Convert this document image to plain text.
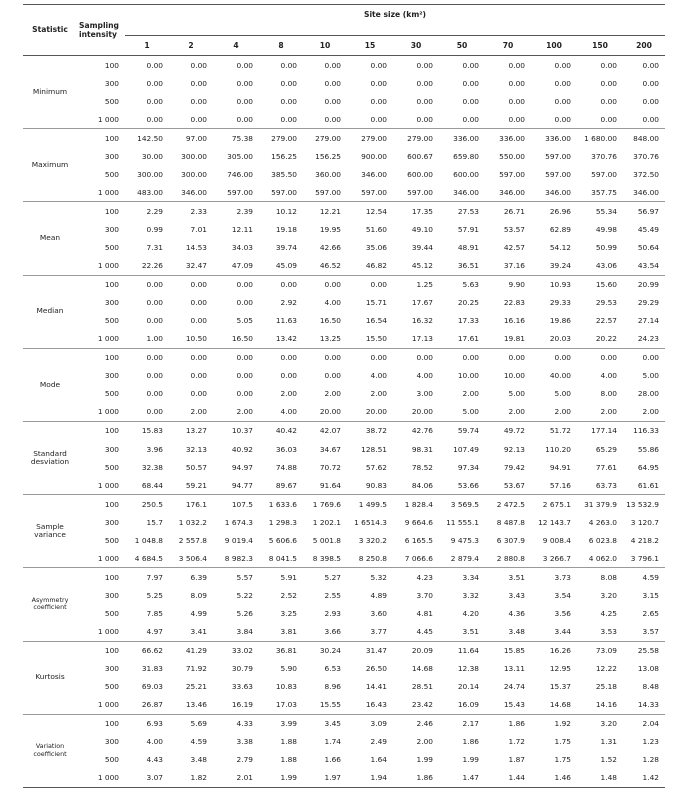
Statistic	Sampling intensity	Site size (km²)											
		1	2	4	8	10	15	30	50	70	100	150	200
Minimum	100	0.00	0.00	0.00	0.00	0.00	0.00	0.00	0.00	0.00	0.00	0.00	0.00
	300	0.00	0.00	0.00	0.00	0.00	0.00	0.00	0.00	0.00	0.00	0.00	0.00
	500	0.00	0.00	0.00	0.00	0.00	0.00	0.00	0.00	0.00	0.00	0.00	0.00
	1 000	0.00	0.00	0.00	0.00	0.00	0.00	0.00	0.00	0.00	0.00	0.00	0.00
Maximum	100	142.50	97.00	75.38	279.00	279.00	279.00	279.00	336.00	336.00	336.00	1 680.00	848.00
	300	30.00	300.00	305.00	156.25	156.25	900.00	600.67	659.80	550.00	597.00	370.76	370.76
	500	300.00	300.00	746.00	385.50	360.00	346.00	600.00	600.00	597.00	597.00	597.00	372.50
	1 000	483.00	346.00	597.00	597.00	597.00	597.00	597.00	346.00	346.00	346.00	357.75	346.00
Mean	100	2.29	2.33	2.39	10.12	12.21	12.54	17.35	27.53	26.71	26.96	55.34	56.97
	300	0.99	7.01	12.11	19.18	19.95	51.60	49.10	57.91	53.57	62.89	49.98	45.49
	500	7.31	14.53	34.03	39.74	42.66	35.06	39.44	48.91	42.57	54.12	50.99	50.64
	1 000	22.26	32.47	47.09	45.09	46.52	46.82	45.12	36.51	37.16	39.24	43.06	43.54
Median	100	0.00	0.00	0.00	0.00	0.00	0.00	1.25	5.63	9.90	10.93	15.60	20.99
	300	0.00	0.00	0.00	2.92	4.00	15.71	17.67	20.25	22.83	29.33	29.53	29.29
	500	0.00	0.00	5.05	11.63	16.50	16.54	16.32	17.33	16.16	19.86	22.57	27.14
	1 000	1.00	10.50	16.50	13.42	13.25	15.50	17.13	17.61	19.81	20.03	20.22	24.23
Mode	100	0.00	0.00	0.00	0.00	0.00	0.00	0.00	0.00	0.00	0.00	0.00	0.00
	300	0.00	0.00	0.00	0.00	0.00	4.00	4.00	10.00	10.00	40.00	4.00	5.00
	500	0.00	0.00	0.00	2.00	2.00	2.00	3.00	2.00	5.00	5.00	8.00	28.00
	1 000	0.00	2.00	2.00	4.00	20.00	20.00	20.00	5.00	2.00	2.00	2.00	2.00
Standard desviation	100	15.83	13.27	10.37	40.42	42.07	38.72	42.76	59.74	49.72	51.72	177.14	116.33
	300	3.96	32.13	40.92	36.03	34.67	128.51	98.31	107.49	92.13	110.20	65.29	55.86
	500	32.38	50.57	94.97	74.88	70.72	57.62	78.52	97.34	79.42	94.91	77.61	64.95
	1 000	68.44	59.21	94.77	89.67	91.64	90.83	84.06	53.66	53.67	57.16	63.73	61.61
Sample variance	100	250.5	176.1	107.5	1 633.6	1 769.6	1 499.5	1 828.4	3 569.5	2 472.5	2 675.1	31 379.9	13 532.9
	300	15.7	1 032.2	1 674.3	1 298.3	1 202.1	1 6514.3	9 664.6	11 555.1	8 487.8	12 143.7	4 263.0	3 120.7
	500	1 048.8	2 557.8	9 019.4	5 606.6	5 001.8	3 320.2	6 165.5	9 475.3	6 307.9	9 008.4	6 023.8	4 218.2
	1 000	4 684.5	3 506.4	8 982.3	8 041.5	8 398.5	8 250.8	7 066.6	2 879.4	2 880.8	3 266.7	4 062.0	3 796.1
Asymmetry coefficient	100	7.97	6.39	5.57	5.91	5.27	5.32	4.23	3.34	3.51	3.73	8.08	4.59
	300	5.25	8.09	5.22	2.52	2.55	4.89	3.70	3.32	3.43	3.54	3.20	3.15
	500	7.85	4.99	5.26	3.25	2.93	3.60	4.81	4.20	4.36	3.56	4.25	2.65
	1 000	4.97	3.41	3.84	3.81	3.66	3.77	4.45	3.51	3.48	3.44	3.53	3.57
Kurtosis	100	66.62	41.29	33.02	36.81	30.24	31.47	20.09	11.64	15.85	16.26	73.09	25.58
	300	31.83	71.92	30.79	5.90	6.53	26.50	14.68	12.38	13.11	12.95	12.22	13.08
	500	69.03	25.21	33.63	10.83	8.96	14.41	28.51	20.14	24.74	15.37	25.18	8.48
	1 000	26.87	13.46	16.19	17.03	15.55	16.43	23.42	16.09	15.43	14.68	14.16	14.33
Variation coefficient	100	6.93	5.69	4.33	3.99	3.45	3.09	2.46	2.17	1.86	1.92	3.20	2.04
	300	4.00	4.59	3.38	1.88	1.74	2.49	2.00	1.86	1.72	1.75	1.31	1.23
	500	4.43	3.48	2.79	1.88	1.66	1.64	1.99	1.99	1.87	1.75	1.52	1.28
	1 000	3.07	1.82	2.01	1.99	1.97	1.94	1.86	1.47	1.44	1.46	1.48	1.42
